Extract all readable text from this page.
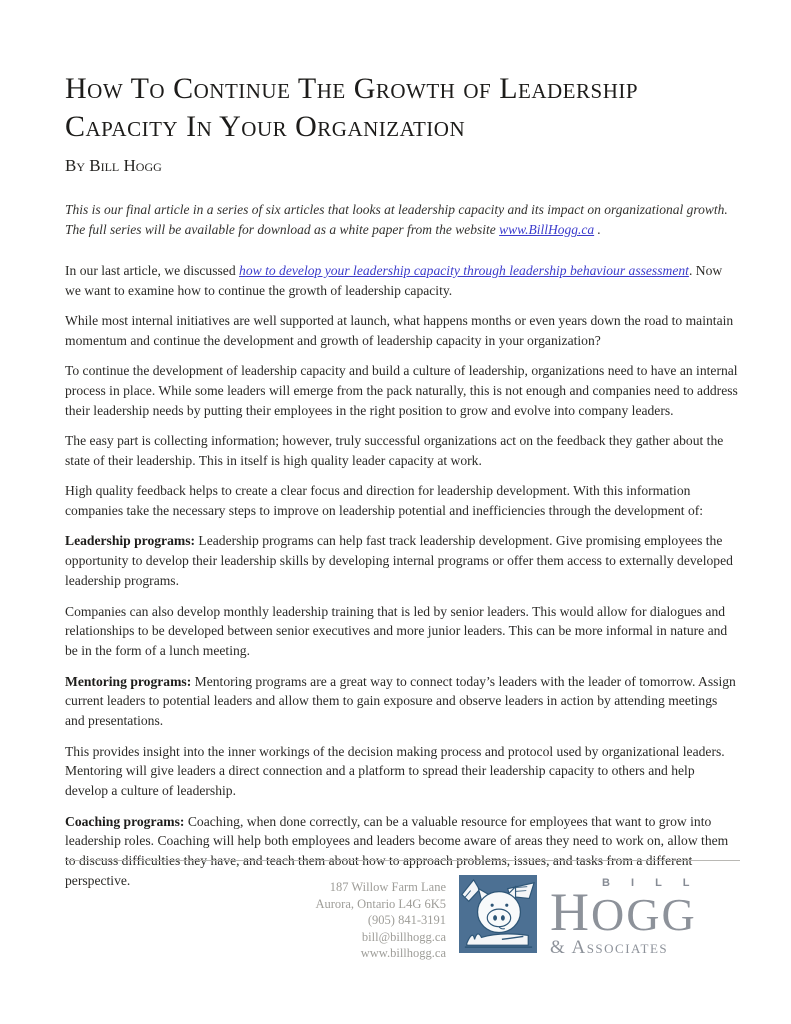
How To Continue The Growth of Leadership Capacity In Your Organization
By Bill Hogg

This is our final article in a series of six articles that looks at leadership capacity and its impact on organizational growth. The full series will be available for download as a white paper from the website www.BillHogg.ca .

In our last article, we discussed how to develop your leadership capacity through leadership behaviour assessment. Now we want to examine how to continue the growth of leadership capacity.

While most internal initiatives are well supported at launch, what happens months or even years down the road to maintain momentum and continue the development and growth of leadership capacity in your organization?

To continue the development of leadership capacity and build a culture of leadership, organizations need to have an internal process in place. While some leaders will emerge from the pack naturally, this is not enough and companies need to address their leadership needs by putting their employees in the right position to grow and evolve into company leaders.

The easy part is collecting information; however, truly successful organizations act on the feedback they gather about the state of their leadership. This in itself is high quality leader capacity at work.

High quality feedback helps to create a clear focus and direction for leadership development. With this information companies take the necessary steps to improve on leadership potential and inefficiencies through the development of:

Leadership programs: Leadership programs can help fast track leadership development. Give promising employees the opportunity to develop their leadership skills by developing internal programs or offer them access to externally developed leadership programs.

Companies can also develop monthly leadership training that is led by senior leaders. This would allow for dialogues and relationships to be developed between senior executives and more junior leaders. This can be more informal in nature and be in the form of a lunch meeting.

Mentoring programs: Mentoring programs are a great way to connect today’s leaders with the leader of tomorrow. Assign current leaders to potential leaders and allow them to gain exposure and observe leaders in action by attending meetings and presentations.

This provides insight into the inner workings of the decision making process and protocol used by organizational leaders. Mentoring will give leaders a direct connection and a platform to spread their leadership capacity to others and help develop a culture of leadership.

Coaching programs: Coaching, when done correctly, can be a valuable resource for employees that want to grow into leadership roles. Coaching will help both employees and leaders become aware of areas they need to work on, allow them to discuss difficulties they have, and teach them about how to approach problems, issues, and tasks from a different perspective.	187 Willow Farm Lane
Aurora, Ontario L4G 6K5
(905) 841-3191
bill@billhogg.ca
www.billhogg.ca
B I L L
HOGG
& Associates
